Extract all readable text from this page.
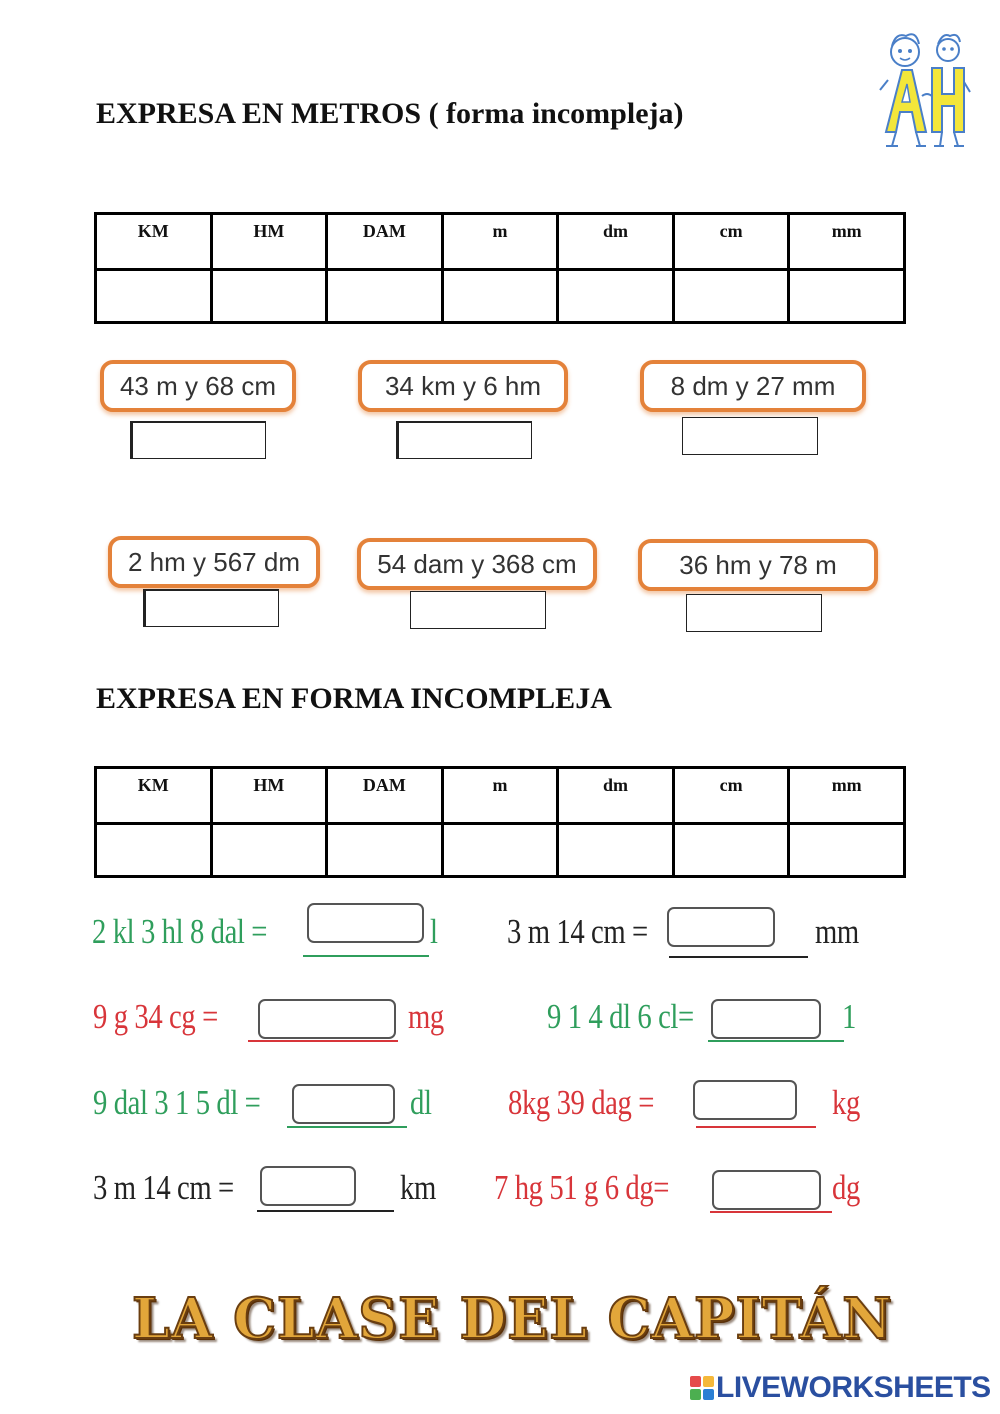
EXPRESA EN METROS ( forma incompleja)
KM	HM	DAM	m	dm	cm	mm

43 m y 68 cm	34 km y 6 hm	8 dm y 27 mm
2 hm y 567 dm	54 dam y 368 cm	36 hm y 78 m
EXPRESA EN FORMA INCOMPLEJA
KM	HM	DAM	m	dm	cm	mm

2 kl 3 hl 8 dal =	l 3 m 14 cm =	mm
9 g 34 cg =	mg	9 1 4 dl 6 cl=	1
9 dal 3 1 5 dl =	dl 8kg 39 dag =	kg
3 m 14 cm =	km 7 hg 51 g 6 dg=	dg
LA CLASE DEL CAPITÁN
LIVEWORKSHEETS
